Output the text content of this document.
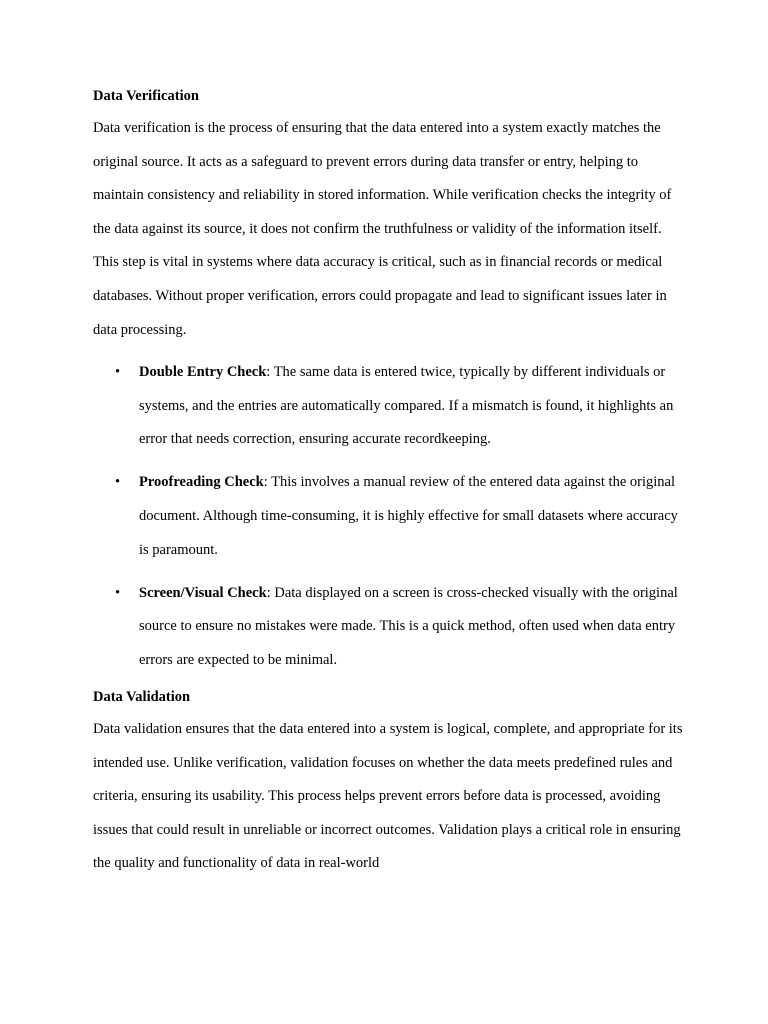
Data Verification

Data verification is the process of ensuring that the data entered into a system exactly matches the original source. It acts as a safeguard to prevent errors during data transfer or entry, helping to maintain consistency and reliability in stored information. While verification checks the integrity of the data against its source, it does not confirm the truthfulness or validity of the information itself. This step is vital in systems where data accuracy is critical, such as in financial records or medical databases. Without proper verification, errors could propagate and lead to significant issues later in data processing.

• Double Entry Check: The same data is entered twice, typically by different individuals or systems, and the entries are automatically compared. If a mismatch is found, it highlights an error that needs correction, ensuring accurate recordkeeping.
• Proofreading Check: This involves a manual review of the entered data against the original document. Although time-consuming, it is highly effective for small datasets where accuracy is paramount.
• Screen/Visual Check: Data displayed on a screen is cross-checked visually with the original source to ensure no mistakes were made. This is a quick method, often used when data entry errors are expected to be minimal.
Data Validation

Data validation ensures that the data entered into a system is logical, complete, and appropriate for its intended use. Unlike verification, validation focuses on whether the data meets predefined rules and criteria, ensuring its usability. This process helps prevent errors before data is processed, avoiding issues that could result in unreliable or incorrect outcomes. Validation plays a critical role in ensuring the quality and functionality of data in real-world
